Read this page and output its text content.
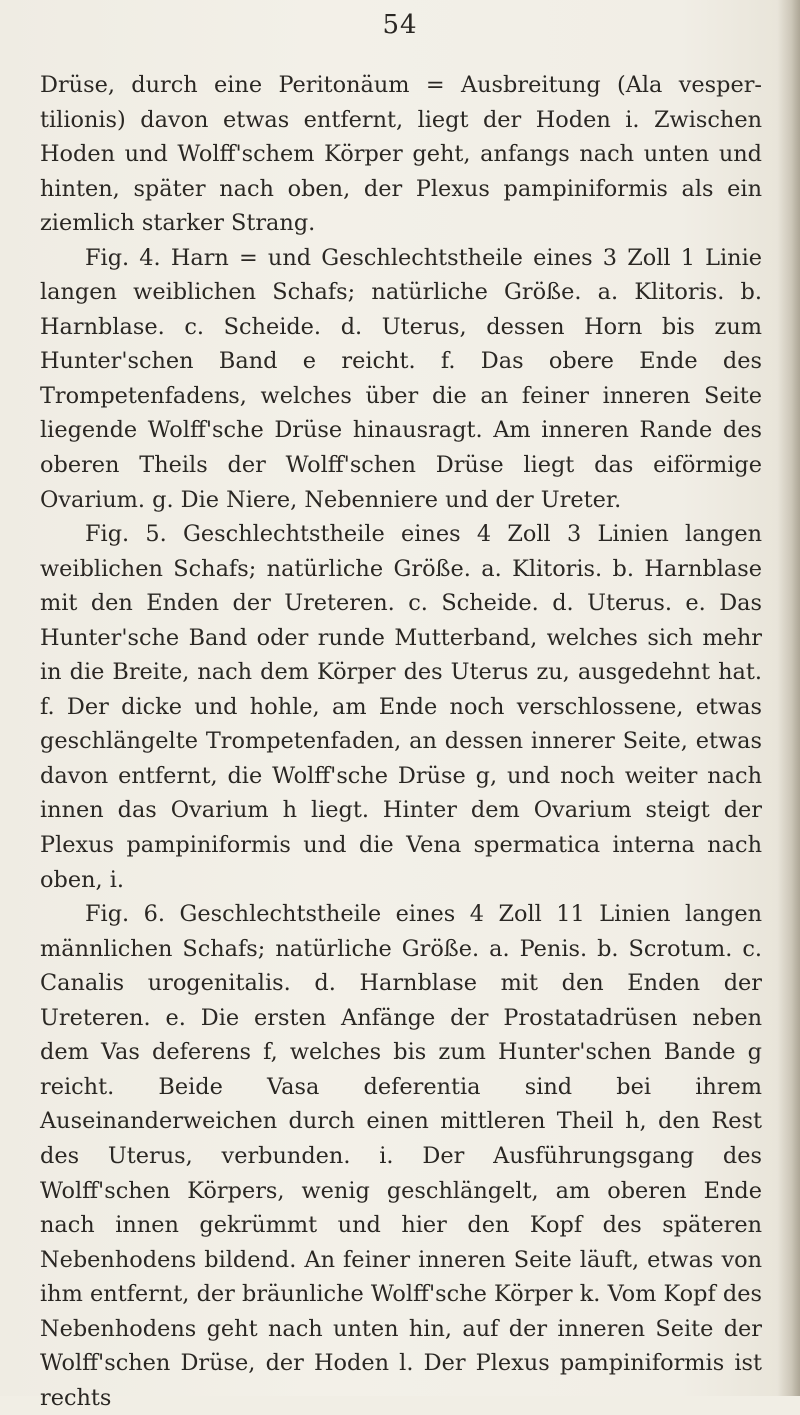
54

Drüse, durch eine Peritonäum = Ausbreitung (Ala vespertilionis) davon etwas entfernt, liegt der Hoden i. Zwischen Hoden und Wolff'schem Körper geht, anfangs nach unten und hinten, später nach oben, der Plexus pampiniformis als ein ziemlich starker Strang.

Fig. 4. Harn = und Geschlechtstheile eines 3 Zoll 1 Linie langen weiblichen Schafs; natürliche Größe. a. Klitoris. b. Harnblase. c. Scheide. d. Uterus, dessen Horn bis zum Hunter'schen Band e reicht. f. Das obere Ende des Trompetenfadens, welches über die an feiner inneren Seite liegende Wolff'sche Drüse hinausragt. Am inneren Rande des oberen Theils der Wolff'schen Drüse liegt das eiförmige Ovarium. g. Die Niere, Nebenniere und der Ureter.

Fig. 5. Geschlechtstheile eines 4 Zoll 3 Linien langen weiblichen Schafs; natürliche Größe. a. Klitoris. b. Harnblase mit den Enden der Ureteren. c. Scheide. d. Uterus. e. Das Hunter'sche Band oder runde Mutterband, welches sich mehr in die Breite, nach dem Körper des Uterus zu, ausgedehnt hat. f. Der dicke und hohle, am Ende noch verschlossene, etwas geschlängelte Trompetenfaden, an dessen innerer Seite, etwas davon entfernt, die Wolff'sche Drüse g, und noch weiter nach innen das Ovarium h liegt. Hinter dem Ovarium steigt der Plexus pampiniformis und die Vena spermatica interna nach oben, i.

Fig. 6. Geschlechtstheile eines 4 Zoll 11 Linien langen männlichen Schafs; natürliche Größe. a. Penis. b. Scrotum. c. Canalis urogenitalis. d. Harnblase mit den Enden der Ureteren. e. Die ersten Anfänge der Prostatadrüsen neben dem Vas deferens f, welches bis zum Hunter'schen Bande g reicht. Beide Vasa deferentia sind bei ihrem Auseinanderweichen durch einen mittleren Theil h, den Rest des Uterus, verbunden. i. Der Ausführungsgang des Wolff'schen Körpers, wenig geschlängelt, am oberen Ende nach innen gekrümmt und hier den Kopf des späteren Nebenhodens bildend. An feiner inneren Seite läuft, etwas von ihm entfernt, der bräunliche Wolff'sche Körper k. Vom Kopf des Nebenhodens geht nach unten hin, auf der inneren Seite der Wolff'schen Drüse, der Hoden l. Der Plexus pampiniformis ist rechts
